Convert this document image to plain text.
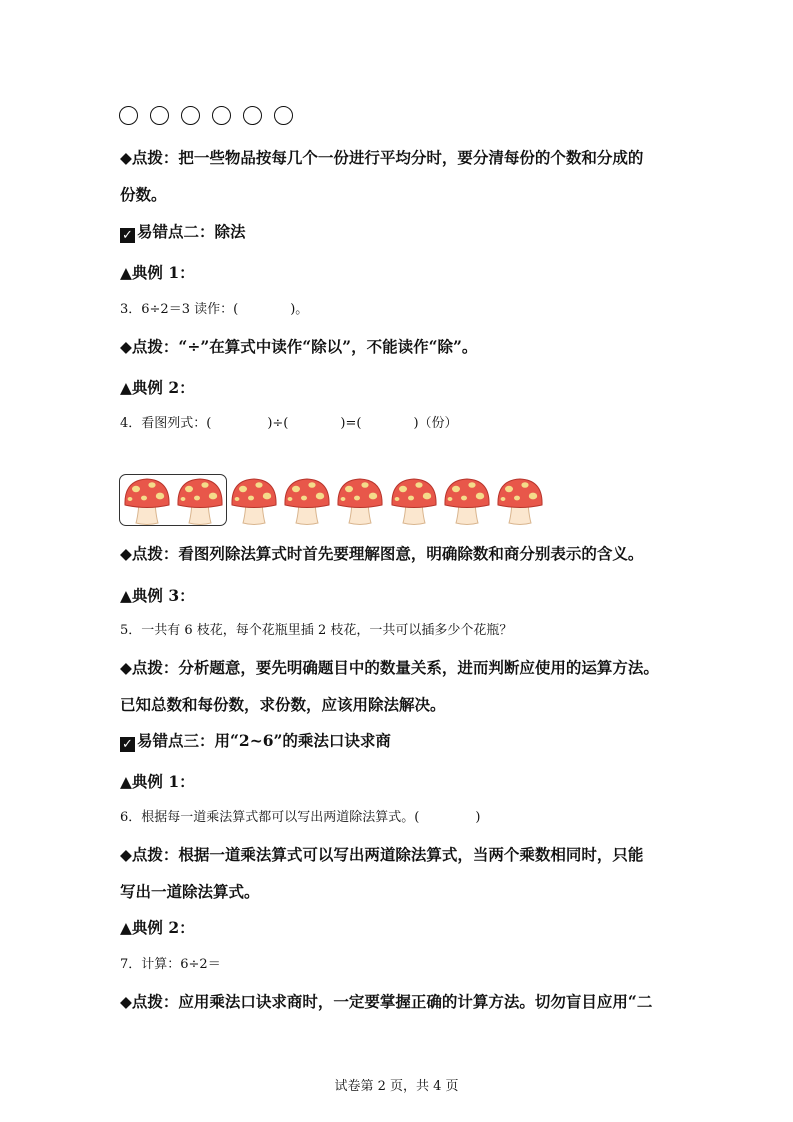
◆点拨：把一些物品按每几个一份进行平均分时，要分清每份的个数和分成的
份数。
✓ 易错点二：除法
▲典例 1：
3．6÷2＝3 读作：(	)。
◆点拨：“÷”在算式中读作“除以”，不能读作“除”。
▲典例 2：
4．看图列式：(	)÷(	)=(	)（份）
◆点拨：看图列除法算式时首先要理解图意，明确除数和商分别表示的含义。
▲典例 3：
5．一共有 6 枝花，每个花瓶里插 2 枝花，一共可以插多少个花瓶？
◆点拨：分析题意，要先明确题目中的数量关系，进而判断应使用的运算方法。
已知总数和每份数，求份数，应该用除法解决。
✓ 易错点三：用“2~6”的乘法口诀求商
▲典例 1：
6．根据每一道乘法算式都可以写出两道除法算式。(	)
◆点拨：根据一道乘法算式可以写出两道除法算式，当两个乘数相同时，只能
写出一道除法算式。
▲典例 2：
7．计算：6÷2＝
◆点拨：应用乘法口诀求商时，一定要掌握正确的计算方法。切勿盲目应用“二
试卷第 2 页，共 4 页
